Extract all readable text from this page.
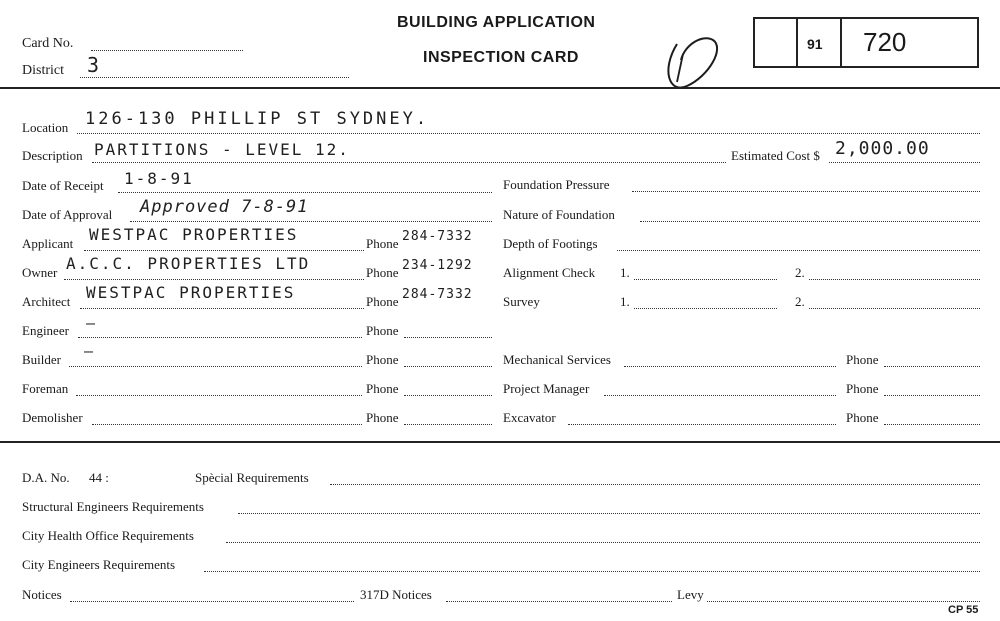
Card No.
District 3
BUILDING APPLICATION
INSPECTION CARD
91 720
Location 126-130 PHILLIP ST SYDNEY.
Description PARTITIONS - LEVEL 12.	Estimated Cost $ 2,000.00
Date of Receipt 1-8-91	Foundation Pressure
Date of Approval Approved 7-8-91	Nature of Foundation
Applicant WESTPAC PROPERTIES	Phone 284-7332 Depth of Footings
Owner A.C.C. PROPERTIES LTD	Phone 234-1292 Alignment Check 1.	2.
Architect WESTPAC PROPERTIES	Phone 284-7332 Survey	1.	2.
Engineer —	Phone
Builder —	Phone	Mechanical Services	Phone
Foreman	Phone	Project Manager	Phone
Demolisher	Phone	Excavator	Phone
D.A. No. 44 :	Spècial Requirements
Structural Engineers Requirements
City Health Office Requirements
City Engineers Requirements
Notices	317D Notices	Levy
CP 55
